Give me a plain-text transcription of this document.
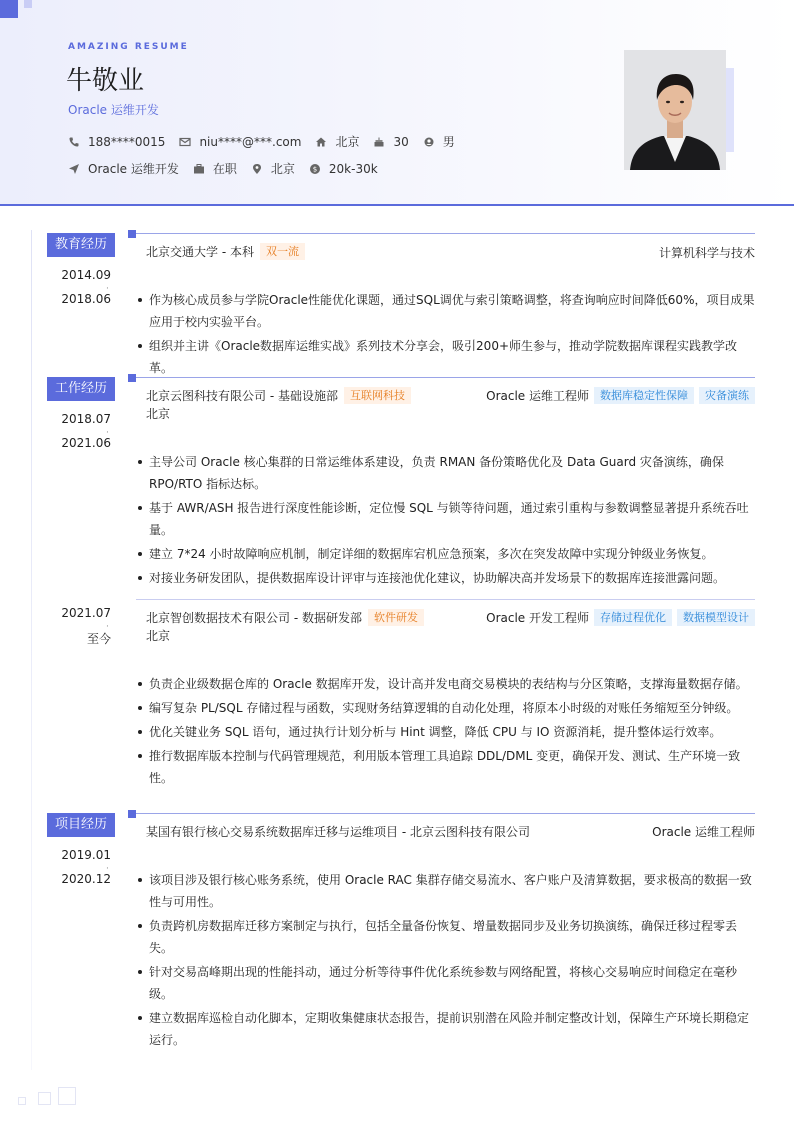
AMAZING RESUME
牛敬业
Oracle 运维开发
188****0015	niu****@***.com	北京	30	男
Oracle 运维开发	在职	北京	$ 20k-30k
教育经历
2014.09
·
2018.06
北京交通大学 - 本科	双一流	计算机科学与技术
作为核心成员参与学院Oracle性能优化课题，通过SQL调优与索引策略调整，将查询响应时间降低60%，项目成果应用于校内实验平台。
组织并主讲《Oracle数据库运维实战》系列技术分享会，吸引200+师生参与，推动学院数据库课程实践教学改革。
工作经历
2018.07
·
2021.06
北京云图科技有限公司 - 基础设施部	互联网科技	Oracle 运维工程师	数据库稳定性保障	灾备演练
北京
主导公司 Oracle 核心集群的日常运维体系建设，负责 RMAN 备份策略优化及 Data Guard 灾备演练，确保 RPO/RTO 指标达标。
基于 AWR/ASH 报告进行深度性能诊断，定位慢 SQL 与锁等待问题，通过索引重构与参数调整显著提升系统吞吐量。
建立 7*24 小时故障响应机制，制定详细的数据库宕机应急预案，多次在突发故障中实现分钟级业务恢复。
对接业务研发团队，提供数据库设计评审与连接池优化建议，协助解决高并发场景下的数据库连接泄露问题。
2021.07
·
至今
北京智创数据技术有限公司 - 数据研发部	软件研发	Oracle 开发工程师	存储过程优化	数据模型设计
北京
负责企业级数据仓库的 Oracle 数据库开发，设计高并发电商交易模块的表结构与分区策略，支撑海量数据存储。
编写复杂 PL/SQL 存储过程与函数，实现财务结算逻辑的自动化处理，将原本小时级的对账任务缩短至分钟级。
优化关键业务 SQL 语句，通过执行计划分析与 Hint 调整，降低 CPU 与 IO 资源消耗，提升整体运行效率。
推行数据库版本控制与代码管理规范，利用版本管理工具追踪 DDL/DML 变更，确保开发、测试、生产环境一致性。
项目经历
2019.01
·
2020.12
某国有银行核心交易系统数据库迁移与运维项目 - 北京云图科技有限公司	Oracle 运维工程师
该项目涉及银行核心账务系统，使用 Oracle RAC 集群存储交易流水、客户账户及清算数据，要求极高的数据一致性与可用性。
负责跨机房数据库迁移方案制定与执行，包括全量备份恢复、增量数据同步及业务切换演练，确保迁移过程零丢失。
针对交易高峰期出现的性能抖动，通过分析等待事件优化系统参数与网络配置，将核心交易响应时间稳定在毫秒级。
建立数据库巡检自动化脚本，定期收集健康状态报告，提前识别潜在风险并制定整改计划，保障生产环境长期稳定运行。
